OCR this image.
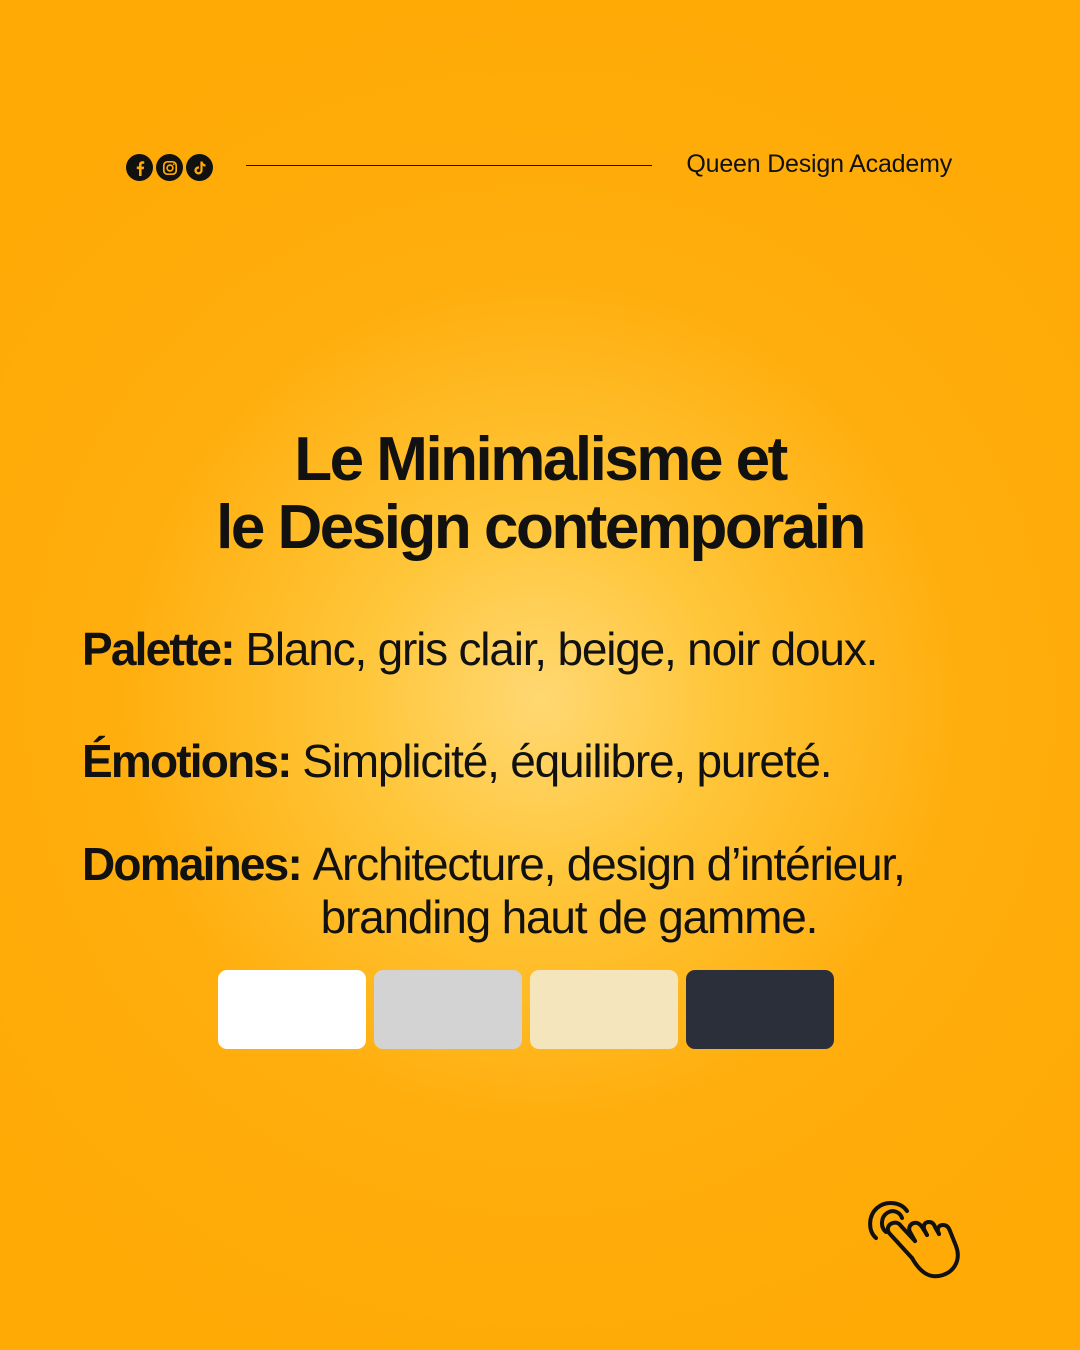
Queen Design Academy
Le Minimalisme et
le Design contemporain
Palette: Blanc, gris clair, beige, noir doux.
Émotions: Simplicité, équilibre, pureté.
Domaines: Architecture, design d’intérieur,
branding haut de gamme.
